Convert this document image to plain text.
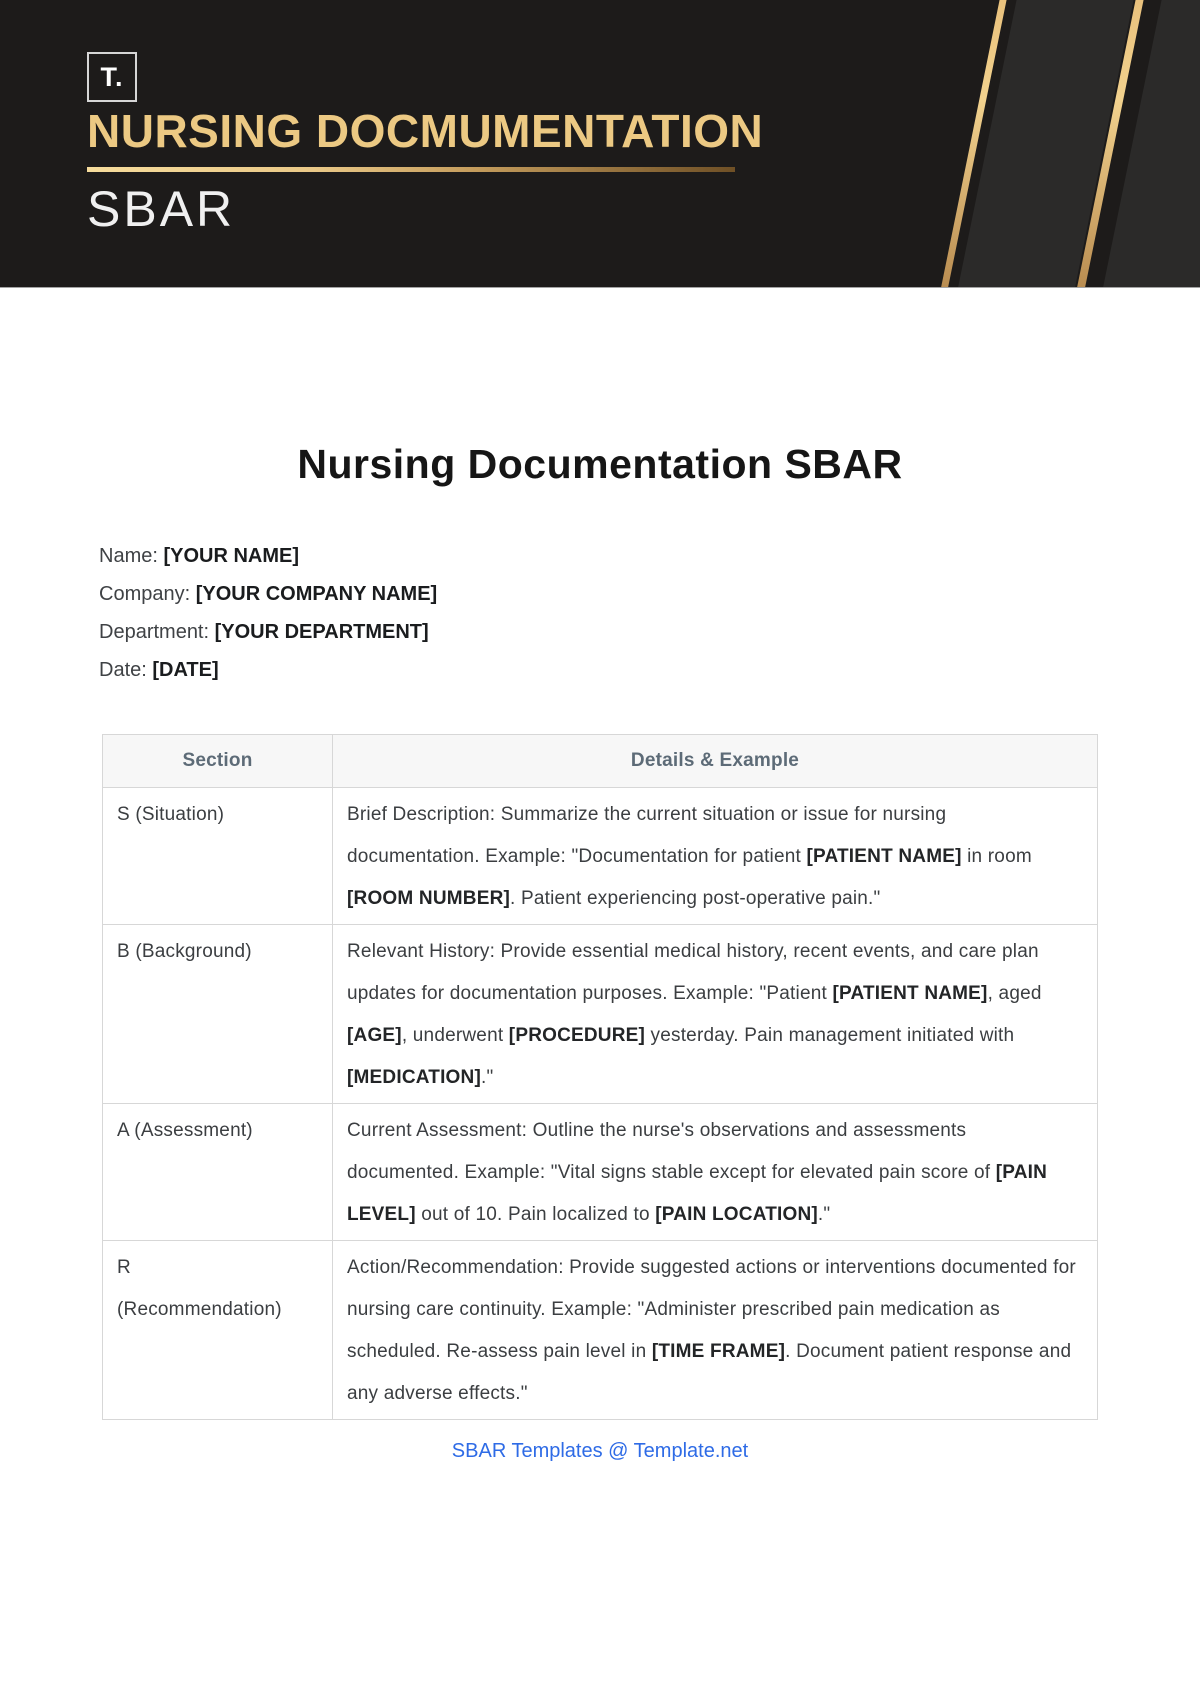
T.
NURSING DOCMUMENTATION
SBAR
Nursing Documentation SBAR
Name: [YOUR NAME]
Company: [YOUR COMPANY NAME]
Department: [YOUR DEPARTMENT]
Date: [DATE]
Section	Details & Example
S (Situation)	Brief Description: Summarize the current situation or issue for nursing documentation. Example: "Documentation for patient [PATIENT NAME] in room [ROOM NUMBER]. Patient experiencing post-operative pain."
B (Background)	Relevant History: Provide essential medical history, recent events, and care plan updates for documentation purposes. Example: "Patient [PATIENT NAME], aged [AGE], underwent [PROCEDURE] yesterday. Pain management initiated with [MEDICATION]."
A (Assessment)	Current Assessment: Outline the nurse's observations and assessments documented. Example: "Vital signs stable except for elevated pain score of [PAIN LEVEL] out of 10. Pain localized to [PAIN LOCATION]."
R (Recommendation)	Action/Recommendation: Provide suggested actions or interventions documented for nursing care continuity. Example: "Administer prescribed pain medication as scheduled. Re-assess pain level in [TIME FRAME]. Document patient response and any adverse effects."
SBAR Templates @ Template.net
